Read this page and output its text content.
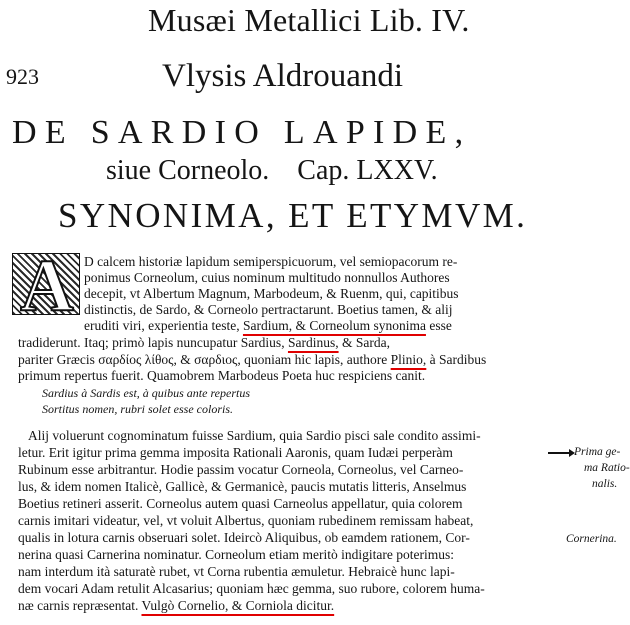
Musæi Metallici Lib. IV.
923	Vlysis Aldrouandi
DE SARDIO LAPIDE,
siue Corneolo.    Cap. LXXV.
SYNONIMA, ET ETYMVM.
A D calcem historiæ lapidum semiperspicuorum, vel semiopacorum re-
ponimus Corneolum, cuius nominum multitudo nonnullos Authores
decepit, vt Albertum Magnum, Marbodeum, & Ruenm, qui, capitibus
distinctis, de Sardo, & Corneolo pertractarunt. Boetius tamen, & alij
eruditi viri, experientia teste, Sardium, & Corneolum synonima esse
tradiderunt. Itaq; primò lapis nuncupatur Sardius, Sardinus, & Sarda,
pariter Græcis σαρδίος λίθος, & σαρδιος, quoniam hic lapis, authore Plinio, à Sardibus
primum repertus fuerit. Quamobrem Marbodeus Poeta huc respiciens canit.
Sardius à Sardis est, à quibus ante repertus
Sortitus nomen, rubri solet esse coloris.
Alij voluerunt cognominatum fuisse Sardium, quia Sardio pisci sale condito assimi-
letur. Erit igitur prima gemma imposita Rationali Aaronis, quam Iudæi perperàm
Rubinum esse arbitrantur. Hodie passim vocatur Corneola, Corneolus, vel Carneo-
lus, & idem nomen Italicè, Gallicè, & Germanicè, paucis mutatis litteris, Anselmus
Boetius retineri asserit. Corneolus autem quasi Carneolus appellatur, quia colorem
carnis imitari videatur, vel, vt voluit Albertus, quoniam rubedinem remissam habeat,
qualis in lotura carnis obseruari solet. Ideircò Aliquibus, ob eamdem rationem, Cor-
nerina quasi Carnerina nominatur. Corneolum etiam meritò indigitare poterimus:
nam interdum ità saturatè rubet, vt Corna rubentia æmuletur. Hebraicè hunc lapi-
dem vocari Adam retulit Alcasarius; quoniam hæc gemma, suo rubore, colorem huma-
næ carnis repræsentat. Vulgò Cornelio, & Corniola dicitur.
Prima ge-
ma Ratio-
nalis.
Cornerina.
